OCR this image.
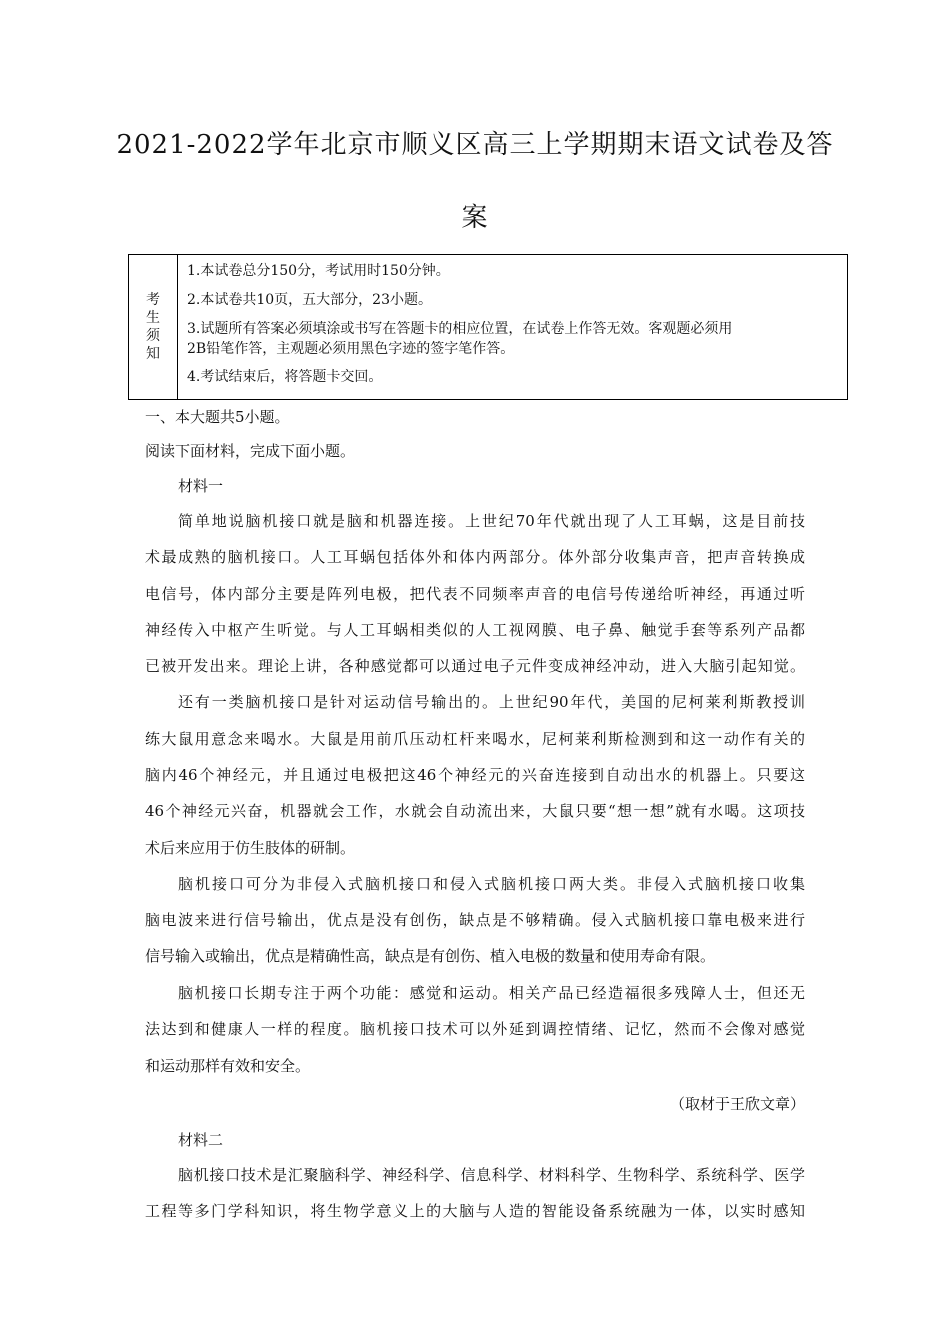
2021-2022学年北京市顺义区高三上学期期末语文试卷及答
案
考
生
须
知
1.本试卷总分150分，考试用时150分钟。
2.本试卷共10页，五大部分，23小题。
3.试题所有答案必须填涂或书写在答题卡的相应位置，在试卷上作答无效。客观题必须用
2B铅笔作答，主观题必须用黑色字迹的签字笔作答。
4.考试结束后，将答题卡交回。
一、本大题共5小题。
阅读下面材料，完成下面小题。
材料一
简单地说脑机接口就是脑和机器连接。上世纪70年代就出现了人工耳蜗，这是目前技
术最成熟的脑机接口。人工耳蜗包括体外和体内两部分。体外部分收集声音，把声音转换成
电信号，体内部分主要是阵列电极，把代表不同频率声音的电信号传递给听神经，再通过听
神经传入中枢产生听觉。与人工耳蜗相类似的人工视网膜、电子鼻、触觉手套等系列产品都
已被开发出来。理论上讲，各种感觉都可以通过电子元件变成神经冲动，进入大脑引起知觉。
还有一类脑机接口是针对运动信号输出的。上世纪90年代，美国的尼柯莱利斯教授训
练大鼠用意念来喝水。大鼠是用前爪压动杠杆来喝水，尼柯莱利斯检测到和这一动作有关的
脑内46个神经元，并且通过电极把这46个神经元的兴奋连接到自动出水的机器上。只要这
46个神经元兴奋，机器就会工作，水就会自动流出来，大鼠只要“想一想”就有水喝。这项技
术后来应用于仿生肢体的研制。
脑机接口可分为非侵入式脑机接口和侵入式脑机接口两大类。非侵入式脑机接口收集
脑电波来进行信号输出，优点是没有创伤，缺点是不够精确。侵入式脑机接口靠电极来进行
信号输入或输出，优点是精确性高，缺点是有创伤、植入电极的数量和使用寿命有限。
脑机接口长期专注于两个功能：感觉和运动。相关产品已经造福很多残障人士，但还无
法达到和健康人一样的程度。脑机接口技术可以外延到调控情绪、记忆，然而不会像对感觉
和运动那样有效和安全。
（取材于王欣文章）
材料二
脑机接口技术是汇聚脑科学、神经科学、信息科学、材料科学、生物科学、系统科学、医学
工程等多门学科知识，将生物学意义上的大脑与人造的智能设备系统融为一体，以实时感知
